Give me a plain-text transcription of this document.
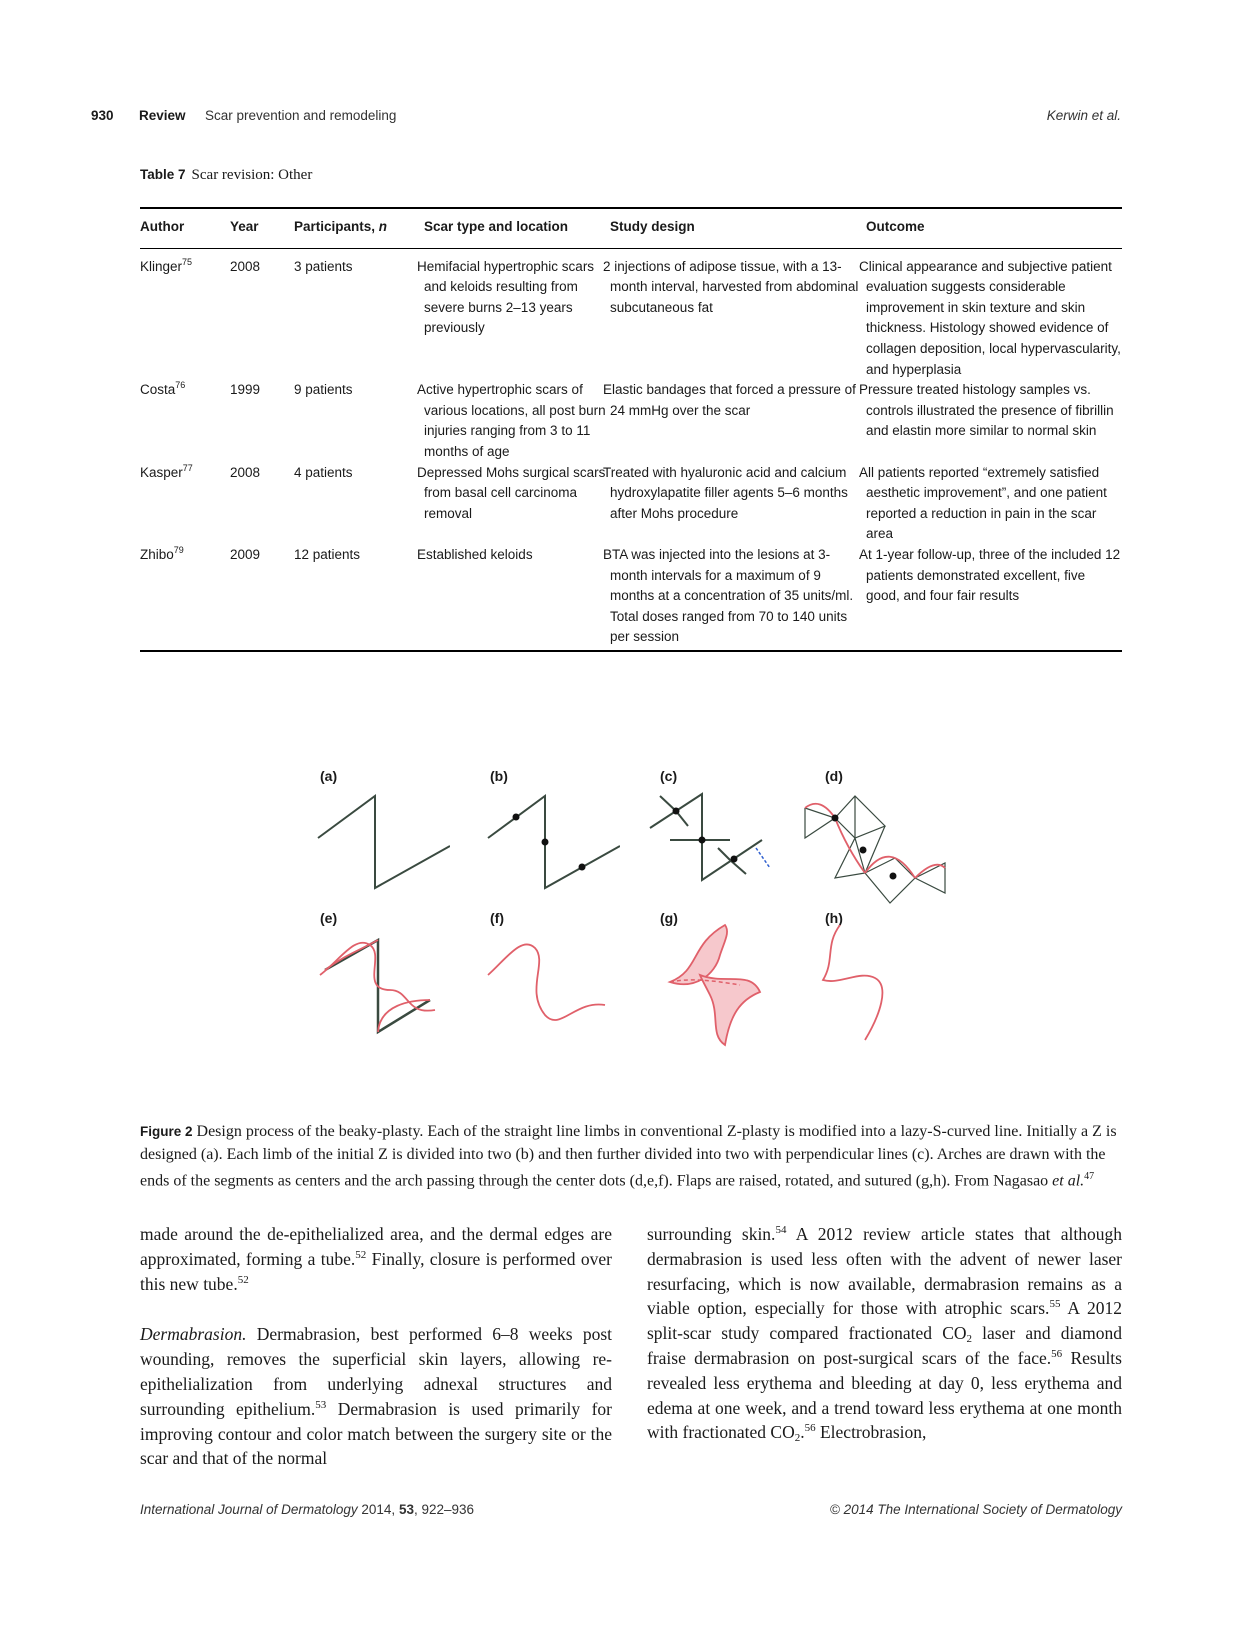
930 Review Scar prevention and remodeling	Kerwin et al.
Table 7 Scar revision: Other
Author	Year	Participants, n	Scar type and location	Study design	Outcome
Klinger$^{75}$	2008	3 patients	Hemifacial hypertrophic scars and keloids resulting from severe burns 2–13 years previously	2 injections of adipose tissue, with a 13-month interval, harvested from abdominal subcutaneous fat	Clinical appearance and subjective patient evaluation suggests considerable improvement in skin texture and skin thickness. Histology showed evidence of collagen deposition, local hypervascularity, and hyperplasia
Costa$^{76}$	1999	9 patients	Active hypertrophic scars of various locations, all post burn injuries ranging from 3 to 11 months of age	Elastic bandages that forced a pressure of 24 mmHg over the scar	Pressure treated histology samples vs. controls illustrated the presence of fibrillin and elastin more similar to normal skin
Kasper$^{77}$	2008	4 patients	Depressed Mohs surgical scars from basal cell carcinoma removal	Treated with hyaluronic acid and calcium hydroxylapatite filler agents 5–6 months after Mohs procedure	All patients reported “extremely satisfied aesthetic improvement”, and one patient reported a reduction in pain in the scar area
Zhibo$^{79}$	2009	12 patients	Established keloids	BTA was injected into the lesions at 3-month intervals for a maximum of 9 months at a concentration of 35 units/ml. Total doses ranged from 70 to 140 units per session	At 1-year follow-up, three of the included 12 patients demonstrated excellent, five good, and four fair results
(a)	(b)	(c)	(d)
(e)	(f)	(g)	(h)
Figure 2 Design process of the beaky-plasty. Each of the straight line limbs in conventional Z-plasty is modified into a lazy-S-curved line. Initially a Z is designed (a). Each limb of the initial Z is divided into two (b) and then further divided into two with perpendicular lines (c). Arches are drawn with the ends of the segments as centers and the arch passing through the center dots (d,e,f). Flaps are raised, rotated, and sutured (g,h). From Nagasao et al.$^{47}$

made around the de-epithelialized area, and the dermal edges are approximated, forming a tube.$^{52}$ Finally, closure is performed over this new tube.$^{52}$

Dermabrasion. Dermabrasion, best performed 6–8 weeks post wounding, removes the superficial skin layers, allowing re-epithelialization from underlying adnexal structures and surrounding epithelium.$^{53}$ Dermabrasion is used primarily for improving contour and color match between the surgery site or the scar and that of the normal

surrounding skin.$^{54}$ A 2012 review article states that although dermabrasion is used less often with the advent of newer laser resurfacing, which is now available, dermabrasion remains as a viable option, especially for those with atrophic scars.$^{55}$ A 2012 split-scar study compared fractionated $CO_2$ laser and diamond fraise dermabrasion on post-surgical scars of the face.$^{56}$ Results revealed less erythema and bleeding at day 0, less erythema and edema at one week, and a trend toward less erythema at one month with fractionated $CO_2.^{56}$ Electrobrasion,

International Journal of Dermatology 2014, 53, 922–936	© 2014 The International Society of Dermatology
